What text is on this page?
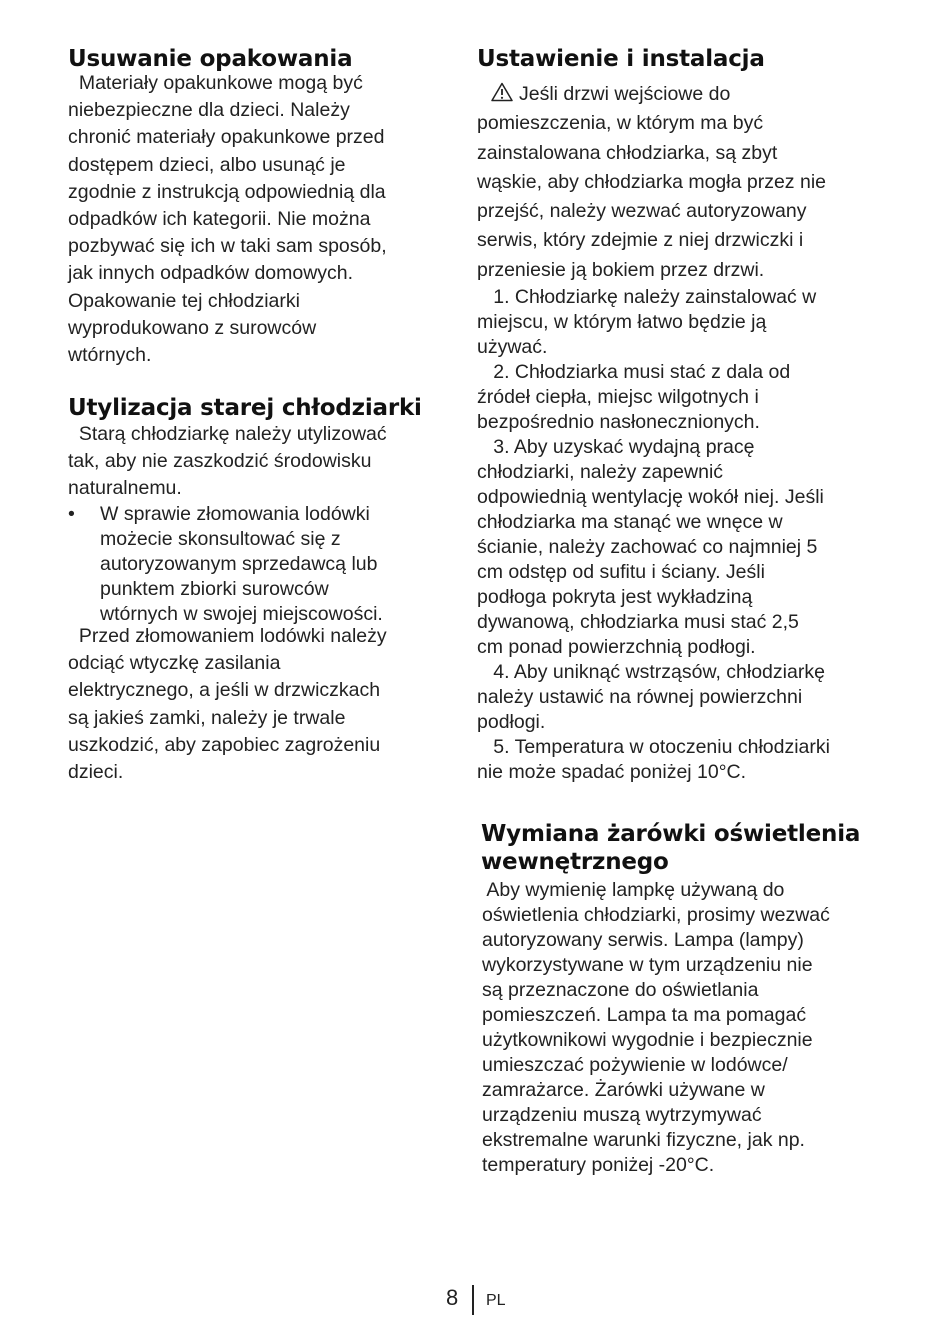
Usuwanie opakowania
Materiały opakunkowe mogą być
niebezpieczne dla dzieci. Należy
chronić materiały opakunkowe przed
dostępem dzieci, albo usunąć je
zgodnie z instrukcją odpowiednią dla
odpadków ich kategorii. Nie można
pozbywać się ich w taki sam sposób,
jak innych odpadków domowych.
Opakowanie tej chłodziarki
wyprodukowano z surowców
wtórnych.
Utylizacja starej chłodziarki
Starą chłodziarkę należy utylizować
tak, aby nie zaszkodzić środowisku
naturalnemu.
• W sprawie złomowania lodówki
możecie skonsultować się z
autoryzowanym sprzedawcą lub
punktem zbiorki surowców
wtórnych w swojej miejscowości.
Przed złomowaniem lodówki należy
odciąć wtyczkę zasilania
elektrycznego, a jeśli w drzwiczkach
są jakieś zamki, należy je trwale
uszkodzić, aby zapobiec zagrożeniu
dzieci.
Ustawienie i instalacja
Jeśli drzwi wejściowe do
pomieszczenia, w którym ma być
zainstalowana chłodziarka, są zbyt
wąskie, aby chłodziarka mogła przez nie
przejść, należy wezwać autoryzowany
serwis, który zdejmie z niej drzwiczki i
przeniesie ją bokiem przez drzwi.
1. Chłodziarkę należy zainstalować w
miejscu, w którym łatwo będzie ją
używać.
2. Chłodziarka musi stać z dala od
źródeł ciepła, miejsc wilgotnych i
bezpośrednio nasłonecznionych.
3. Aby uzyskać wydajną pracę
chłodziarki, należy zapewnić
odpowiednią wentylację wokół niej. Jeśli
chłodziarka ma stanąć we wnęce w
ścianie, należy zachować co najmniej 5
cm odstęp od sufitu i ściany. Jeśli
podłoga pokryta jest wykładziną
dywanową, chłodziarka musi stać 2,5
cm ponad powierzchnią podłogi.
4. Aby uniknąć wstrząsów, chłodziarkę
należy ustawić na równej powierzchni
podłogi.
5. Temperatura w otoczeniu chłodziarki
nie może spadać poniżej 10°C.
Wymiana żarówki oświetlenia
wewnętrznego
Aby wymienię lampkę używaną do
oświetlenia chłodziarki, prosimy wezwać
autoryzowany serwis. Lampa (lampy)
wykorzystywane w tym urządzeniu nie
są przeznaczone do oświetlania
pomieszczeń. Lampa ta ma pomagać
użytkownikowi wygodnie i bezpiecznie
umieszczać pożywienie w lodówce/
zamrażarce. Żarówki używane w
urządzeniu muszą wytrzymywać
ekstremalne warunki fizyczne, jak np.
temperatury poniżej -20°C.
8 PL
